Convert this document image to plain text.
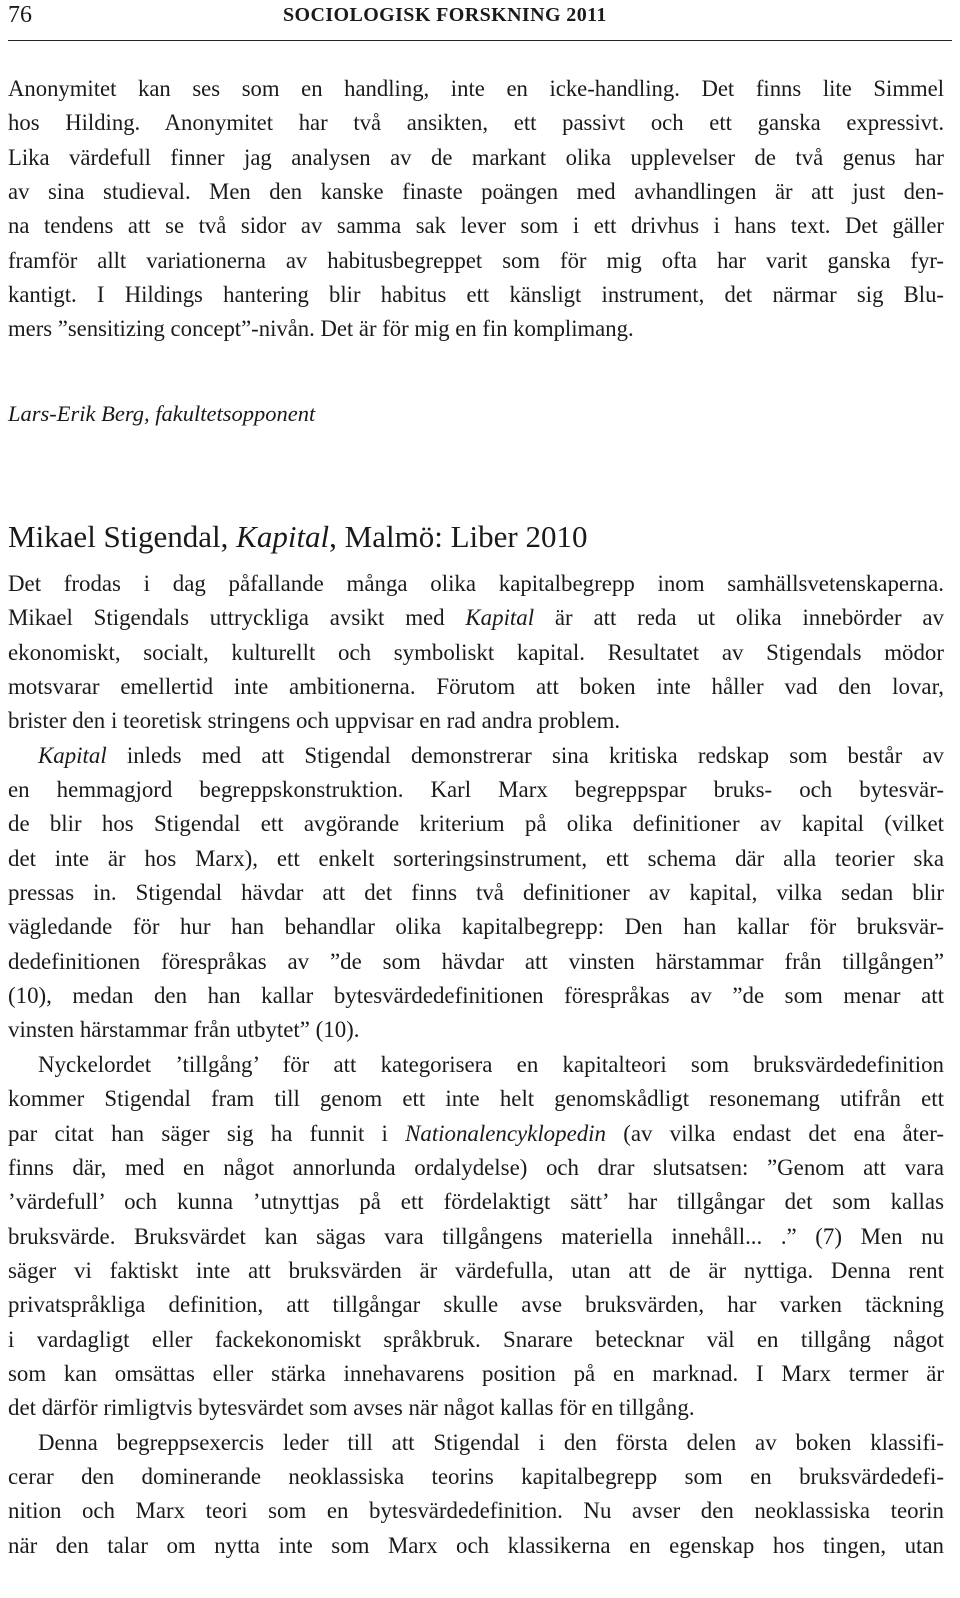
76	SOCIOLOGISK FORSKNING 2011
Anonymitet kan ses som en handling, inte en icke-handling. Det finns lite Simmel
hos Hilding. Anonymitet har två ansikten, ett passivt och ett ganska expressivt.
Lika värdefull finner jag analysen av de markant olika upplevelser de två genus har
av sina studieval. Men den kanske finaste poängen med avhandlingen är att just den-
na tendens att se två sidor av samma sak lever som i ett drivhus i hans text. Det gäller
framför allt variationerna av habitusbegreppet som för mig ofta har varit ganska fyr-
kantigt. I Hildings hantering blir habitus ett känsligt instrument, det närmar sig Blu-
mers ”sensitizing concept”-nivån. Det är för mig en fin komplimang.
Lars-Erik Berg, fakultetsopponent
Mikael Stigendal, Kapital, Malmö: Liber 2010
Det frodas i dag påfallande många olika kapitalbegrepp inom samhällsvetenskaperna.
Mikael Stigendals uttryckliga avsikt med Kapital är att reda ut olika innebörder av
ekonomiskt, socialt, kulturellt och symboliskt kapital. Resultatet av Stigendals mödor
motsvarar emellertid inte ambitionerna. Förutom att boken inte håller vad den lovar,
brister den i teoretisk stringens och uppvisar en rad andra problem.
Kapital inleds med att Stigendal demonstrerar sina kritiska redskap som består av
en hemmagjord begreppskonstruktion. Karl Marx begreppspar bruks- och bytesvär-
de blir hos Stigendal ett avgörande kriterium på olika definitioner av kapital (vilket
det inte är hos Marx), ett enkelt sorteringsinstrument, ett schema där alla teorier ska
pressas in. Stigendal hävdar att det finns två definitioner av kapital, vilka sedan blir
vägledande för hur han behandlar olika kapitalbegrepp: Den han kallar för bruksvär-
dedefinitionen förespråkas av ”de som hävdar att vinsten härstammar från tillgången”
(10), medan den han kallar bytesvärdedefinitionen förespråkas av ”de som menar att
vinsten härstammar från utbytet” (10).
Nyckelordet ’tillgång’ för att kategorisera en kapitalteori som bruksvärdedefinition
kommer Stigendal fram till genom ett inte helt genomskådligt resonemang utifrån ett
par citat han säger sig ha funnit i Nationalencyklopedin (av vilka endast det ena åter-
finns där, med en något annorlunda ordalydelse) och drar slutsatsen: ”Genom att vara
’värdefull’ och kunna ’utnyttjas på ett fördelaktigt sätt’ har tillgångar det som kallas
bruksvärde. Bruksvärdet kan sägas vara tillgångens materiella innehåll... .” (7) Men nu
säger vi faktiskt inte att bruksvärden är värdefulla, utan att de är nyttiga. Denna rent
privatspråkliga definition, att tillgångar skulle avse bruksvärden, har varken täckning
i vardagligt eller fackekonomiskt språkbruk. Snarare betecknar väl en tillgång något
som kan omsättas eller stärka innehavarens position på en marknad. I Marx termer är
det därför rimligtvis bytesvärdet som avses när något kallas för en tillgång.
Denna begreppsexercis leder till att Stigendal i den första delen av boken klassifi-
cerar den dominerande neoklassiska teorins kapitalbegrepp som en bruksvärdedefi-
nition och Marx teori som en bytesvärdedefinition. Nu avser den neoklassiska teorin
när den talar om nytta inte som Marx och klassikerna en egenskap hos tingen, utan
